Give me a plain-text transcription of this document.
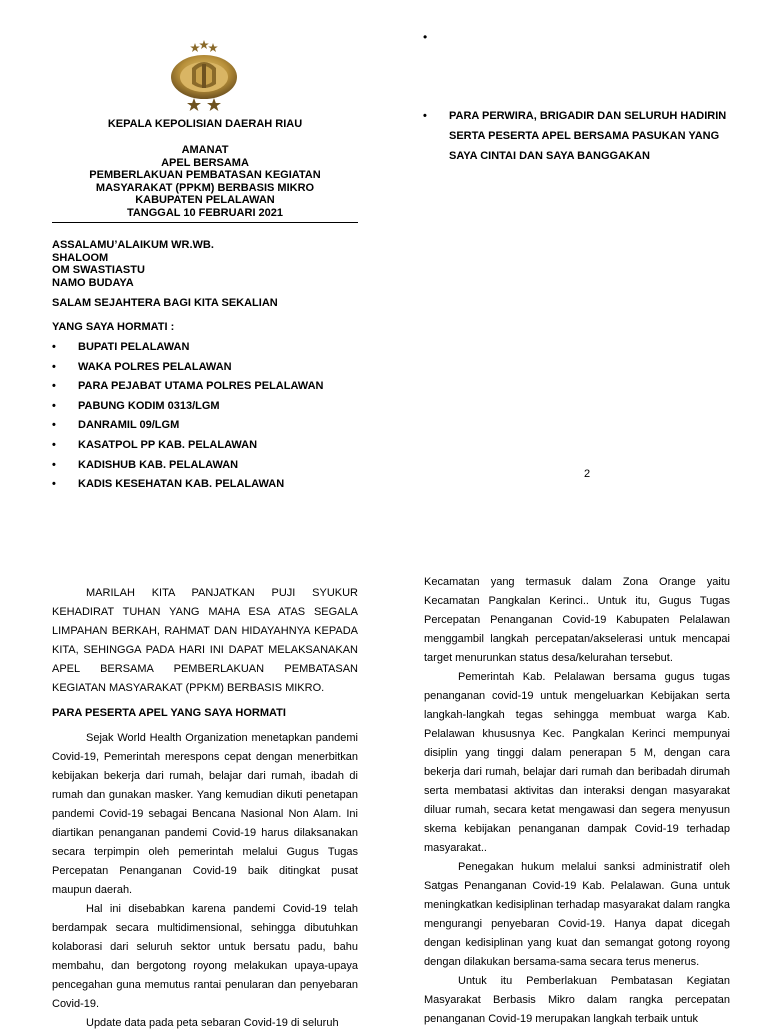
KEPALA KEPOLISIAN DAERAH RIAU
AMANAT
APEL BERSAMA
PEMBERLAKUAN PEMBATASAN KEGIATAN
MASYARAKAT (PPKM) BERBASIS MIKRO
KABUPATEN PELALAWAN
TANGGAL 10 FEBRUARI 2021
ASSALAMU’ALAIKUM WR.WB.
SHALOOM
OM SWASTIASTU
NAMO BUDAYA
SALAM SEJAHTERA BAGI KITA SEKALIAN
YANG SAYA HORMATI :
• BUPATI PELALAWAN
• WAKA POLRES PELALAWAN
• PARA PEJABAT UTAMA POLRES PELALAWAN
• PABUNG KODIM 0313/LGM
• DANRAMIL 09/LGM
• KASATPOL PP KAB. PELALAWAN
• KADISHUB KAB. PELALAWAN
• KADIS KESEHATAN KAB. PELALAWAN
•
• PARA PERWIRA, BRIGADIR DAN SELURUH HADIRIN SERTA PESERTA APEL BERSAMA PASUKAN YANG SAYA CINTAI DAN SAYA BANGGAKAN
2

MARILAH KITA PANJATKAN PUJI SYUKUR KEHADIRAT TUHAN YANG MAHA ESA ATAS SEGALA LIMPAHAN BERKAH, RAHMAT DAN HIDAYAHNYA KEPADA KITA, SEHINGGA PADA HARI INI DAPAT MELAKSANAKAN APEL BERSAMA PEMBERLAKUAN PEMBATASAN KEGIATAN MASYARAKAT (PPKM) BERBASIS MIKRO.

PARA PESERTA APEL YANG SAYA HORMATI

Sejak World Health Organization menetapkan pandemi Covid-19, Pemerintah merespons cepat dengan menerbitkan kebijakan bekerja dari rumah, belajar dari rumah, ibadah di rumah dan gunakan masker. Yang kemudian dikuti penetapan pandemi Covid-19 sebagai Bencana Nasional Non Alam. Ini diartikan penanganan pandemi Covid-19 harus dilaksanakan secara terpimpin oleh pemerintah melalui Gugus Tugas Percepatan Penanganan Covid-19 baik ditingkat pusat maupun daerah.

Hal ini disebabkan karena pandemi Covid-19 telah berdampak secara multidimensional, sehingga dibutuhkan kolaborasi dari seluruh sektor untuk bersatu padu, bahu membahu, dan bergotong royong melakukan upaya-upaya pencegahan guna memutus rantai penularan dan penyebaran Covid-19.

Update data pada peta sebaran Covid-19 di seluruh

Kecamatan yang termasuk dalam Zona Orange yaitu Kecamatan Pangkalan Kerinci.. Untuk itu, Gugus Tugas Percepatan Penanganan Covid-19 Kabupaten Pelalawan menggambil langkah percepatan/akselerasi untuk mencapai target menurunkan status desa/kelurahan tersebut.

Pemerintah Kab. Pelalawan bersama gugus tugas penanganan covid-19 untuk mengeluarkan Kebijakan serta langkah-langkah tegas sehingga membuat warga Kab. Pelalawan khususnya Kec. Pangkalan Kerinci mempunyai disiplin yang tinggi dalam penerapan 5 M, dengan cara bekerja dari rumah, belajar dari rumah dan beribadah dirumah serta membatasi aktivitas dan interaksi dengan masyarakat diluar rumah, secara ketat mengawasi dan segera menyusun skema kebijakan penanganan dampak Covid-19 terhadap masyarakat..

Penegakan hukum melalui sanksi administratif oleh Satgas Penanganan Covid-19 Kab. Pelalawan. Guna untuk meningkatkan kedisiplinan terhadap masyarakat dalam rangka mengurangi penyebaran Covid-19. Hanya dapat dicegah dengan kedisiplinan yang kuat dan semangat gotong royong dengan dilakukan bersama-sama secara terus menerus.

Untuk itu Pemberlakuan Pembatasan Kegiatan Masyarakat Berbasis Mikro dalam rangka percepatan penanganan Covid-19 merupakan langkah terbaik untuk
